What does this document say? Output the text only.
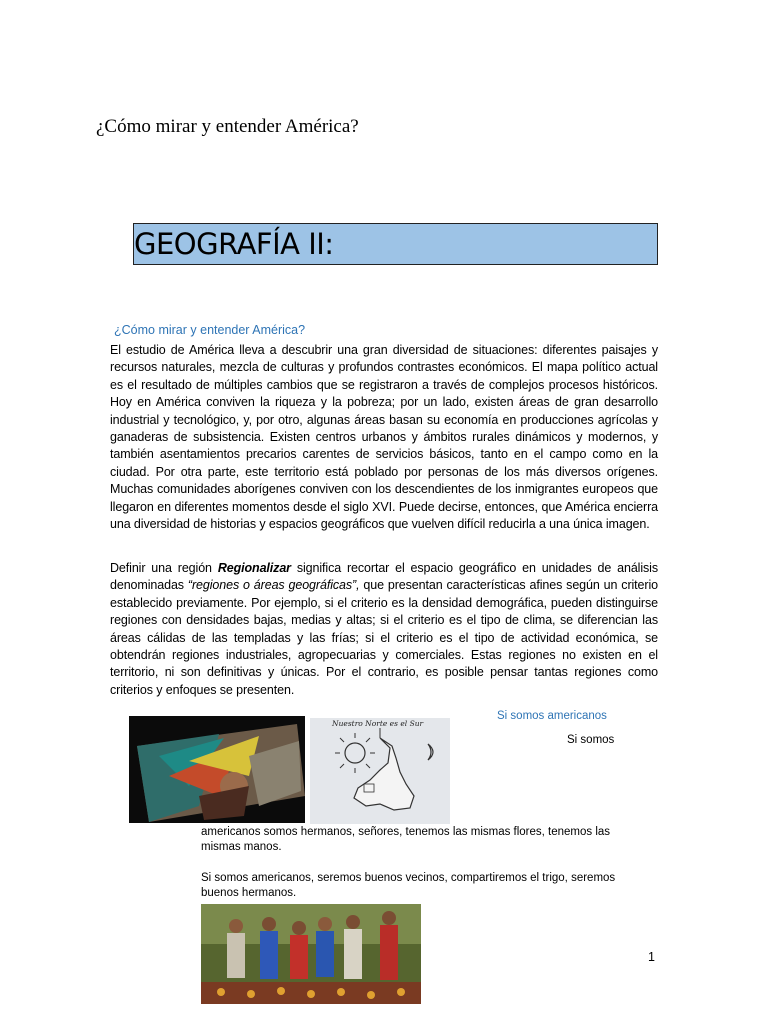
¿Cómo mirar y entender América?
GEOGRAFÍA II:
¿Cómo mirar y entender América?
El estudio de América lleva a descubrir una gran diversidad de situaciones: diferentes paisajes y recursos naturales, mezcla de culturas y profundos contrastes económicos. El mapa político actual es el resultado de múltiples cambios que se registraron a través de complejos procesos históricos. Hoy en América conviven la riqueza y la pobreza; por un lado, existen áreas de gran desarrollo industrial y tecnológico, y, por otro, algunas áreas basan su economía en producciones agrícolas y ganaderas de subsistencia. Existen centros urbanos y ámbitos rurales dinámicos y modernos, y también asentamientos precarios carentes de servicios básicos, tanto en el campo como en la ciudad. Por otra parte, este territorio está poblado por personas de los más diversos orígenes. Muchas comunidades aborígenes conviven con los descendientes de los inmigrantes europeos que llegaron en diferentes momentos desde el siglo XVI. Puede decirse, entonces, que América encierra una diversidad de historias y espacios geográficos que vuelven difícil reducirla a una única imagen.
Definir una región Regionalizar significa recortar el espacio geográfico en unidades de análisis denominadas “regiones o áreas geográficas”, que presentan características afines según un criterio establecido previamente. Por ejemplo, si el criterio es la densidad demográfica, pueden distinguirse regiones con densidades bajas, medias y altas; si el criterio es el tipo de clima, se diferencian las áreas cálidas de las templadas y las frías; si el criterio es el tipo de actividad económica, se obtendrán regiones industriales, agropecuarias y comerciales. Estas regiones no existen en el territorio, ni son definitivas y únicas. Por el contrario, es posible pensar tantas regiones como criterios y enfoques se presenten.
Nuestro Norte es el Sur
Si somos americanos
Si somos
americanos somos hermanos, señores, tenemos las mismas flores, tenemos las mismas manos.
Si somos americanos, seremos buenos vecinos, compartiremos el trigo, seremos buenos hermanos.
1
